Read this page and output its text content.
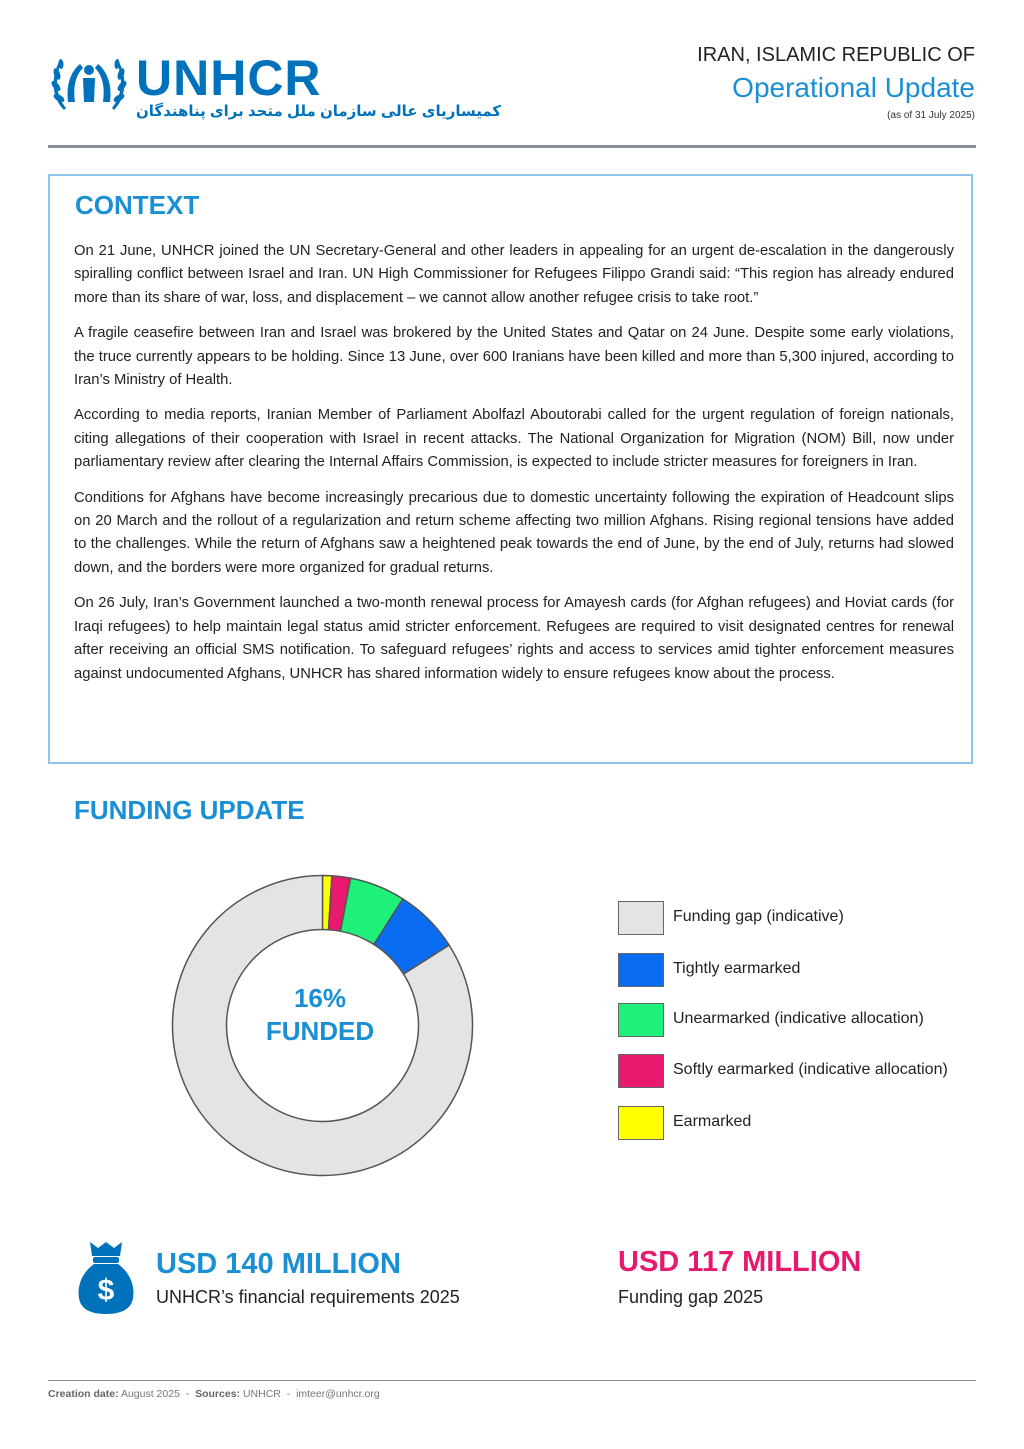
UNHCR
کمیساریای عالی سازمان ملل متحد برای پناهندگان
IRAN, ISLAMIC REPUBLIC OF
Operational Update
(as of 31 July 2025)
CONTEXT

On 21 June, UNHCR joined the UN Secretary-General and other leaders in appealing for an urgent de-escalation in the dangerously spiralling conflict between Israel and Iran. UN High Commissioner for Refugees Filippo Grandi said: “This region has already endured more than its share of war, loss, and displacement – we cannot allow another refugee crisis to take root.”

A fragile ceasefire between Iran and Israel was brokered by the United States and Qatar on 24 June. Despite some early violations, the truce currently appears to be holding. Since 13 June, over 600 Iranians have been killed and more than 5,300 injured, according to Iran’s Ministry of Health.

According to media reports, Iranian Member of Parliament Abolfazl Aboutorabi called for the urgent regulation of foreign nationals, citing allegations of their cooperation with Israel in recent attacks. The National Organization for Migration (NOM) Bill, now under parliamentary review after clearing the Internal Affairs Commission, is expected to include stricter measures for foreigners in Iran.

Conditions for Afghans have become increasingly precarious due to domestic uncertainty following the expiration of Headcount slips on 20 March and the rollout of a regularization and return scheme affecting two million Afghans. Rising regional tensions have added to the challenges. While the return of Afghans saw a heightened peak towards the end of June, by the end of July, returns had slowed down, and the borders were more organized for gradual returns.

On 26 July, Iran’s Government launched a two-month renewal process for Amayesh cards (for Afghan refugees) and Hoviat cards (for Iraqi refugees) to help maintain legal status amid stricter enforcement. Refugees are required to visit designated centres for renewal after receiving an official SMS notification. To safeguard refugees’ rights and access to services amid tighter enforcement measures against undocumented Afghans, UNHCR has shared information widely to ensure refugees know about the process.

FUNDING UPDATE
16%
FUNDED
Funding gap (indicative)
Tightly earmarked
Unearmarked (indicative allocation)
Softly earmarked (indicative allocation)
Earmarked
$
USD 140 MILLION
UNHCR’s financial requirements 2025
USD 117 MILLION
Funding gap 2025
Creation date: August 2025 - Sources: UNHCR - imteer@unhcr.org
